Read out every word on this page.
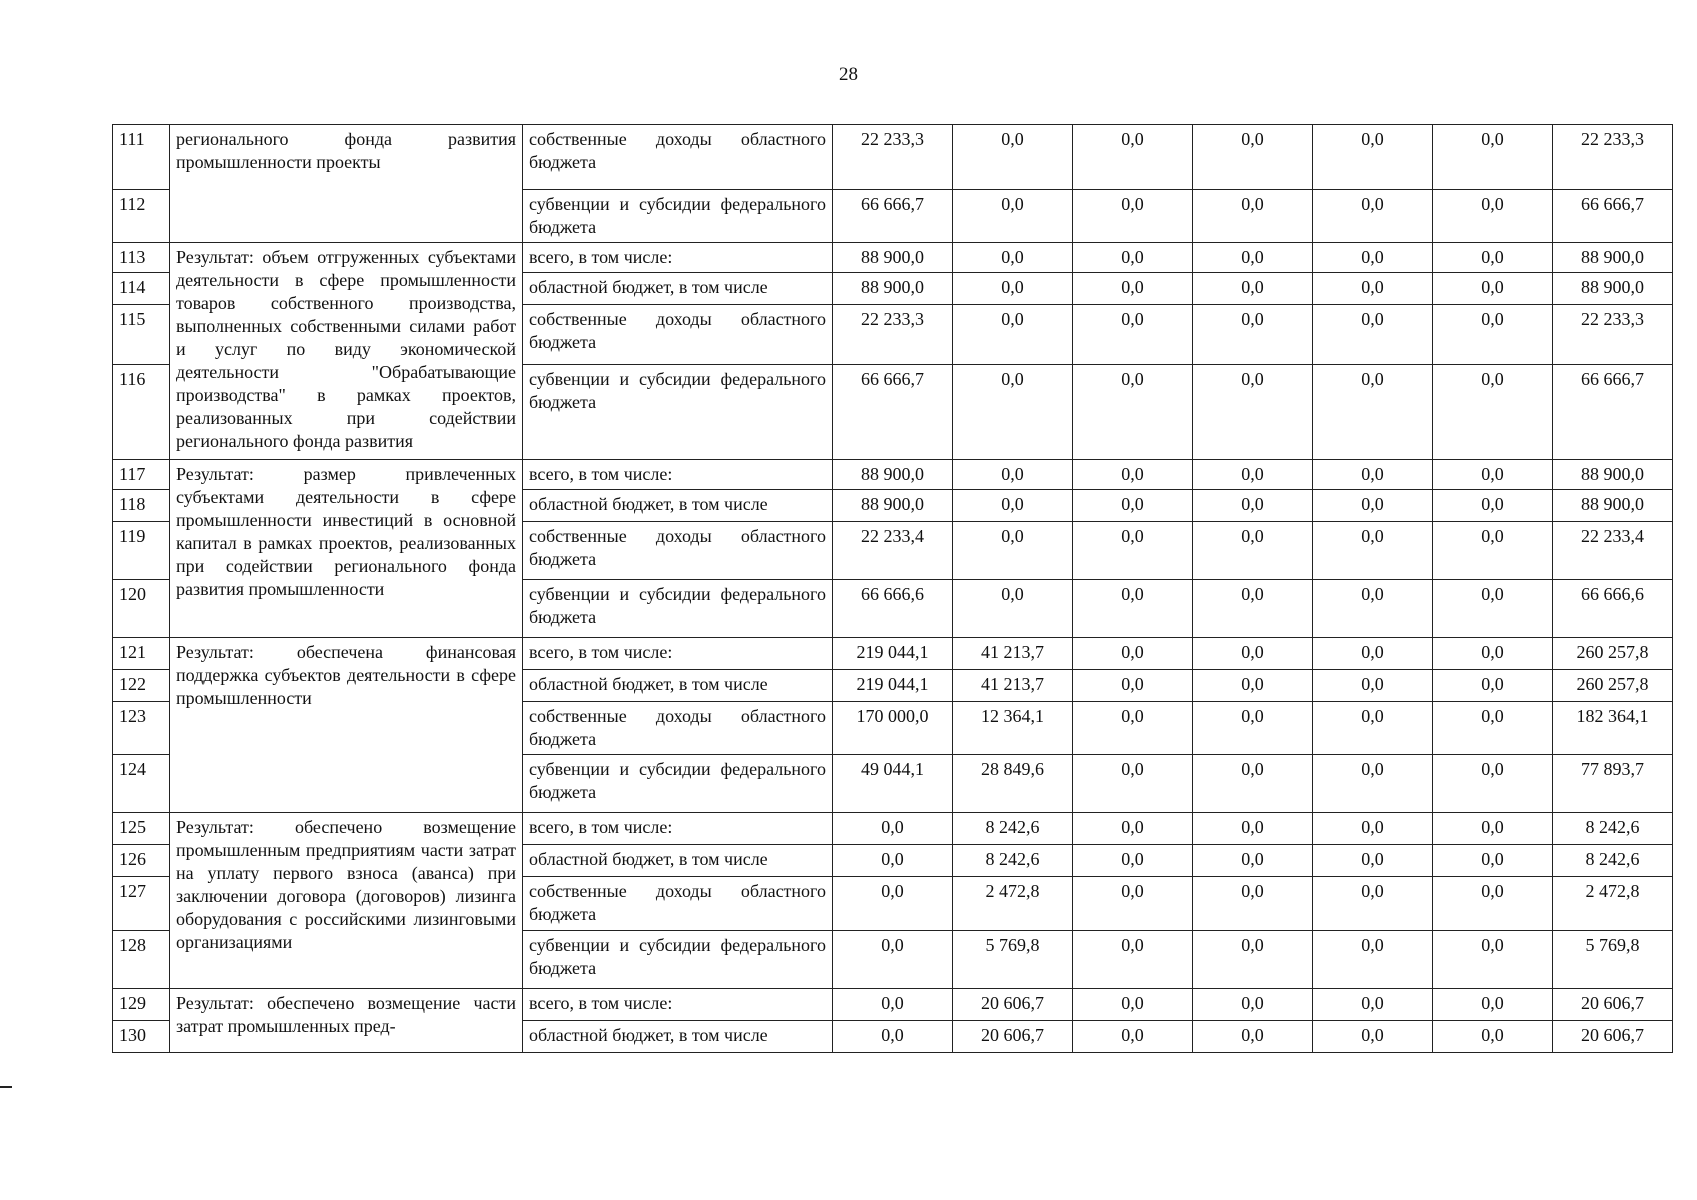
28
111	регионального фонда развития промышленности проекты	собственные доходы областного бюджета	22 233,3	0,0	0,0	0,0	0,0	0,0	22 233,3
112		субвенции и субсидии федерального бюджета	66 666,7	0,0	0,0	0,0	0,0	0,0	66 666,7
113	Результат: объем отгруженных субъектами деятельности в сфере промышленности товаров собственного производства, выполненных собственными силами работ и услуг по виду экономической деятельности "Обрабатывающие производства" в рамках проектов, реализованных при содействии регионального фонда развития	всего, в том числе:	88 900,0	0,0	0,0	0,0	0,0	0,0	88 900,0
114		областной бюджет, в том числе	88 900,0	0,0	0,0	0,0	0,0	0,0	88 900,0
115		собственные доходы областного бюджета	22 233,3	0,0	0,0	0,0	0,0	0,0	22 233,3
116		субвенции и субсидии федерального бюджета	66 666,7	0,0	0,0	0,0	0,0	0,0	66 666,7
117	Результат: размер привлеченных субъектами деятельности в сфере промышленности инвестиций в основной капитал в рамках проектов, реализованных при содействии регионального фонда развития промышленности	всего, в том числе:	88 900,0	0,0	0,0	0,0	0,0	0,0	88 900,0
118		областной бюджет, в том числе	88 900,0	0,0	0,0	0,0	0,0	0,0	88 900,0
119		собственные доходы областного бюджета	22 233,4	0,0	0,0	0,0	0,0	0,0	22 233,4
120		субвенции и субсидии федерального бюджета	66 666,6	0,0	0,0	0,0	0,0	0,0	66 666,6
121	Результат: обеспечена финансовая поддержка субъектов деятельности в сфере промышленности	всего, в том числе:	219 044,1	41 213,7	0,0	0,0	0,0	0,0	260 257,8
122		областной бюджет, в том числе	219 044,1	41 213,7	0,0	0,0	0,0	0,0	260 257,8
123		собственные доходы областного бюджета	170 000,0	12 364,1	0,0	0,0	0,0	0,0	182 364,1
124		субвенции и субсидии федерального бюджета	49 044,1	28 849,6	0,0	0,0	0,0	0,0	77 893,7
125	Результат: обеспечено возмещение промышленным предприятиям части затрат на уплату первого взноса (аванса) при заключении договора (договоров) лизинга оборудования с российскими лизинговыми организациями	всего, в том числе:	0,0	8 242,6	0,0	0,0	0,0	0,0	8 242,6
126		областной бюджет, в том числе	0,0	8 242,6	0,0	0,0	0,0	0,0	8 242,6
127		собственные доходы областного бюджета	0,0	2 472,8	0,0	0,0	0,0	0,0	2 472,8
128		субвенции и субсидии федерального бюджета	0,0	5 769,8	0,0	0,0	0,0	0,0	5 769,8
129	Результат: обеспечено возмещение части затрат промышленных пред-	всего, в том числе:	0,0	20 606,7	0,0	0,0	0,0	0,0	20 606,7
130		областной бюджет, в том числе	0,0	20 606,7	0,0	0,0	0,0	0,0	20 606,7
